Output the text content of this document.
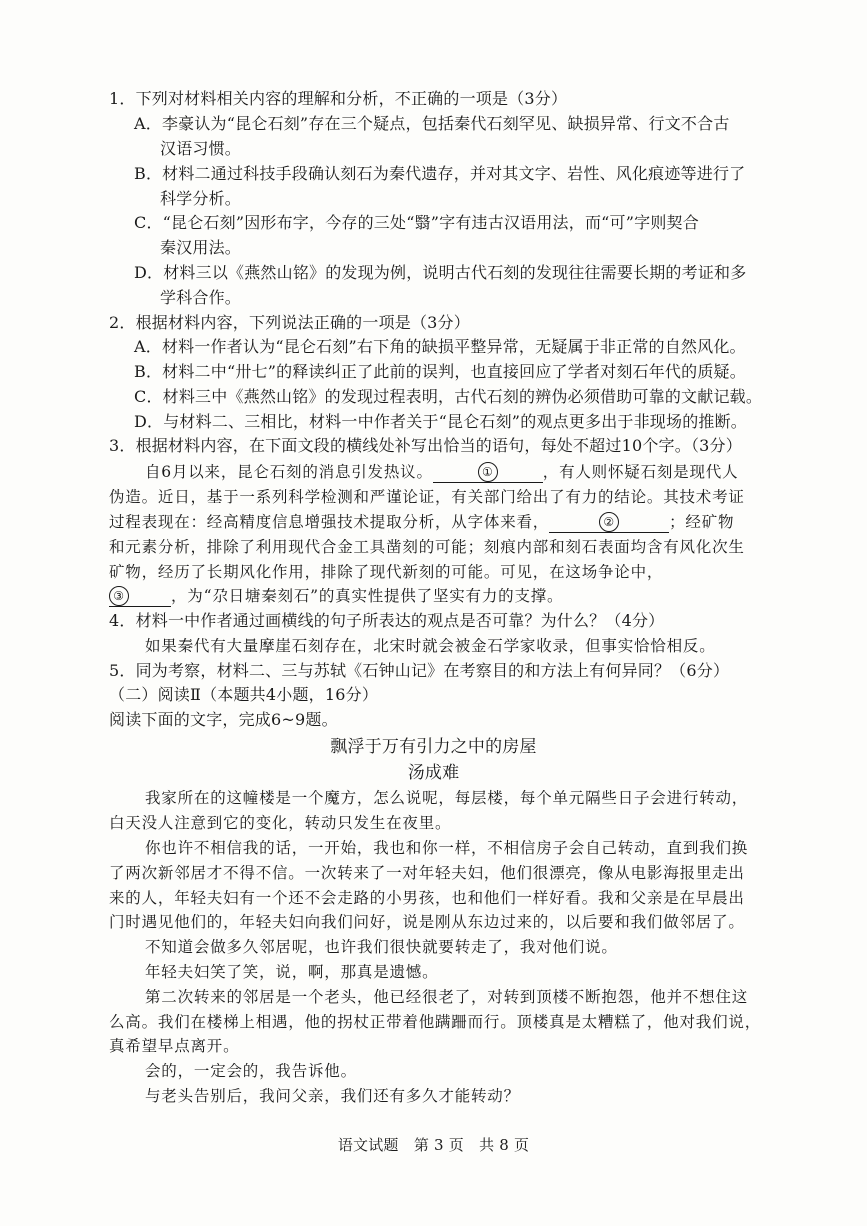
1．下列对材料相关内容的理解和分析，不正确的一项是（3分）
A．李豪认为“昆仑石刻”存在三个疑点，包括秦代石刻罕见、缺损异常、行文不合古
汉语习惯。
B．材料二通过科技手段确认刻石为秦代遗存，并对其文字、岩性、风化痕迹等进行了
科学分析。
C．“昆仑石刻”因形布字，今存的三处“翳”字有违古汉语用法，而“可”字则契合
秦汉用法。
D．材料三以《燕然山铭》的发现为例，说明古代石刻的发现往往需要长期的考证和多
学科合作。
2．根据材料内容，下列说法正确的一项是（3分）
A．材料一作者认为“昆仑石刻”右下角的缺损平整异常，无疑属于非正常的自然风化。
B．材料二中“卅七”的释读纠正了此前的误判，也直接回应了学者对刻石年代的质疑。
C．材料三中《燕然山铭》的发现过程表明，古代石刻的辨伪必须借助可靠的文献记载。
D．与材料二、三相比，材料一中作者关于“昆仑石刻”的观点更多出于非现场的推断。
3．根据材料内容，在下面文段的横线处补写出恰当的语句，每处不超过10个字。（3分）
自6月以来，昆仑石刻的消息引发热议。	①	，有人则怀疑石刻是现代人
伪造。近日，基于一系列科学检测和严谨论证，有关部门给出了有力的结论。其技术考证
过程表现在：经高精度信息增强技术提取分析，从字体来看，	②	；经矿物
和元素分析，排除了利用现代合金工具凿刻的可能；刻痕内部和刻石表面均含有风化次生
矿物，经历了长期风化作用，排除了现代新刻的可能。可见，在这场争论中，
③	，为“尕日塘秦刻石”的真实性提供了坚实有力的支撑。
4．材料一中作者通过画横线的句子所表达的观点是否可靠？为什么？（4分）
如果秦代有大量摩崖石刻存在，北宋时就会被金石学家收录，但事实恰恰相反。
5．同为考察，材料二、三与苏轼《石钟山记》在考察目的和方法上有何异同？（6分）
（二）阅读Ⅱ（本题共4小题，16分）
阅读下面的文字，完成6~9题。
飘浮于万有引力之中的房屋
汤成难
我家所在的这幢楼是一个魔方，怎么说呢，每层楼，每个单元隔些日子会进行转动，
白天没人注意到它的变化，转动只发生在夜里。
你也许不相信我的话，一开始，我也和你一样，不相信房子会自己转动，直到我们换
了两次新邻居才不得不信。一次转来了一对年轻夫妇，他们很漂亮，像从电影海报里走出
来的人，年轻夫妇有一个还不会走路的小男孩，也和他们一样好看。我和父亲是在早晨出
门时遇见他们的，年轻夫妇向我们问好，说是刚从东边过来的，以后要和我们做邻居了。
不知道会做多久邻居呢，也许我们很快就要转走了，我对他们说。
年轻夫妇笑了笑，说，啊，那真是遗憾。
第二次转来的邻居是一个老头，他已经很老了，对转到顶楼不断抱怨，他并不想住这
么高。我们在楼梯上相遇，他的拐杖正带着他蹒跚而行。顶楼真是太糟糕了，他对我们说，
真希望早点离开。
会的，一定会的，我告诉他。
与老头告别后，我问父亲，我们还有多久才能转动？
语文试题　第 3 页　共 8 页
